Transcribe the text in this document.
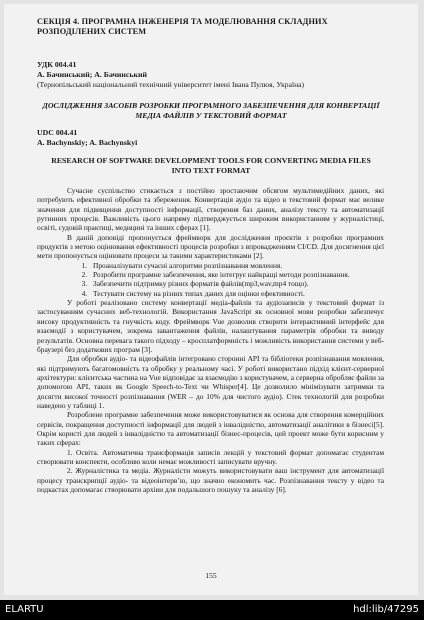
СЕКЦІЯ 4. ПРОГРАМНА ІНЖЕНЕРІЯ ТА МОДЕЛЮВАННЯ СКЛАДНИХ РОЗПОДІЛЕНИХ СИСТЕМ
УДК 004.41
А. Бачинський; А. Бачинський
(Тернопільський національний технічний університет імені Івана Пулюя, Україна)
ДОСЛІДЖЕННЯ ЗАСОБІВ РОЗРОБКИ ПРОГРАМНОГО ЗАБЕЗПЕЧЕННЯ ДЛЯ КОНВЕРТАЦІЇ МЕДІА ФАЙЛІВ У ТЕКСТОВИЙ ФОРМАТ
UDC 004.41
A. Bachynskiy; A. Bachynskyi
RESEARCH OF SOFTWARE DEVELOPMENT TOOLS FOR CONVERTING MEDIA FILES INTO TEXT FORMAT

Сучасне суспільство стикається з постійно зростаючим обсягом мультимедійних даних, які потребують ефективної обробки та збереження. Конвертація аудіо та відео в текстовий формат має велике значення для підвищення доступності інформації, створення баз даних, аналізу тексту та автоматизації рутинних процесів. Важливість цього напряму підтверджується широким використанням у журналістиці, освіті, судовій практиці, медицині та інших сферах [1].

В даній доповіді пропонується фреймворк для дослідження проєктів з розробки програмних продуктів з метою оцінювання ефективності процесів розробки з впровадженням CI/CD. Для досягнення цієї мети пропонується оцінювати процеси за такими характеристиками [2].

1. Проаналізувати сучасні алгоритми розпізнавання мовлення.
2. Розробити програмне забезпечення, яке інтегрує найкращі методи розпізнавання.
3. Забезпечити підтримку різних форматів файлів(mp3,wav,mp4 тощо).
4. Тестувати систему на різних типах даних для оцінки ефективності.

У роботі реалізовано систему конвертації медіа-файлів та аудіозаписів у текстовий формат із застосуванням сучасних веб-технологій. Використання JavaScript як основної мови розробки забезпечує високу продуктивність та гнучкість коду. Фреймворк Vue дозволив створити інтерактивний інтерфейс для взаємодії з користувачем, зокрема завантаження файлів, налаштування параметрів обробки та виводу результатів. Основна перевага такого підходу – кросплатформність і можливість використання системи у веб-браузері без додаткових програм [3].

Для обробки аудіо- та відеофайлів інтегровано сторонні API та бібліотеки розпізнавання мовлення, які підтримують багатомовність та обробку у реальному часі. У роботі використано підхід клієнт-серверної архітектури: клієнтська частина на Vue відповідає за взаємодію з користувачем, а серверна обробляє файли за допомогою API, таких як Google Speech-to-Text чи Whisper[4]. Це дозволило мінімізувати затримки та досягти високої точності розпізнавання (WER – до 10% для чистого аудіо). Стек технологій для розробки наведено у таблиці 1.

Розроблене програмне забезпечення може використовуватися як основа для створення комерційних сервісів, покращення доступності інформації для людей з інвалідністю, автоматизації аналітики в бізнесі[5]. Окрім користі для людей з інвалідністю та автоматизації бізнес-процесів, цей проект може бути корисним у таких сферах:

1. Освіта. Автоматична трансформація записів лекцій у текстовий формат допомагає студентам створювати конспекти, особливо коли немає можливості записувати вручну.

2. Журналістика та медіа. Журналісти можуть використовувати ваш інструмент для автоматизації процесу транскрипції аудіо- та відеоінтерв’ю, що значно економить час. Розпізнавання тексту у відео та подкастах допомагає створювати архіви для подальшого пошуку та аналізу [6].

155
ELARTU	hdl:lib/47295
